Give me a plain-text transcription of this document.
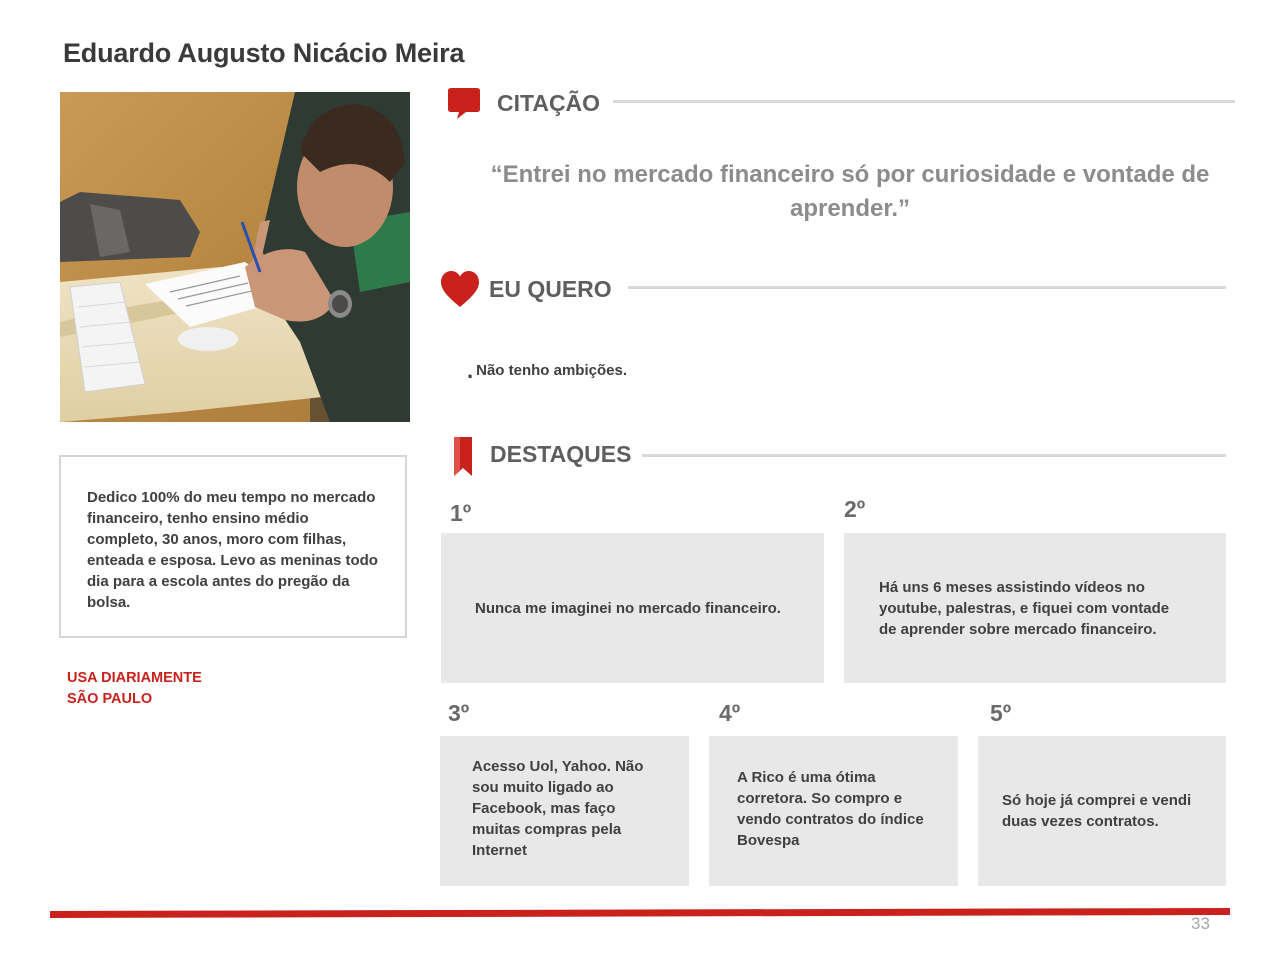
Eduardo Augusto Nicácio Meira

Dedico 100% do meu tempo no mercado financeiro, tenho ensino médio completo, 30 anos, moro com filhas, enteada e esposa. Levo as meninas todo dia para a escola antes do pregão da bolsa.

USA DIARIAMENTE
SÃO PAULO
CITAÇÃO
“Entrei no mercado financeiro só por curiosidade e vontade de aprender.”
EU QUERO
. Não tenho ambições.
DESTAQUES
1º
Nunca me imaginei no mercado financeiro.
2º
Há uns 6 meses assistindo vídeos no youtube, palestras, e fiquei com vontade de aprender sobre mercado financeiro.
3º
Acesso Uol, Yahoo. Não sou muito ligado ao Facebook, mas faço muitas compras pela Internet
4º
A Rico é uma ótima corretora. So compro e vendo contratos do índice Bovespa
5º
Só hoje já comprei e vendi duas vezes contratos.
33
